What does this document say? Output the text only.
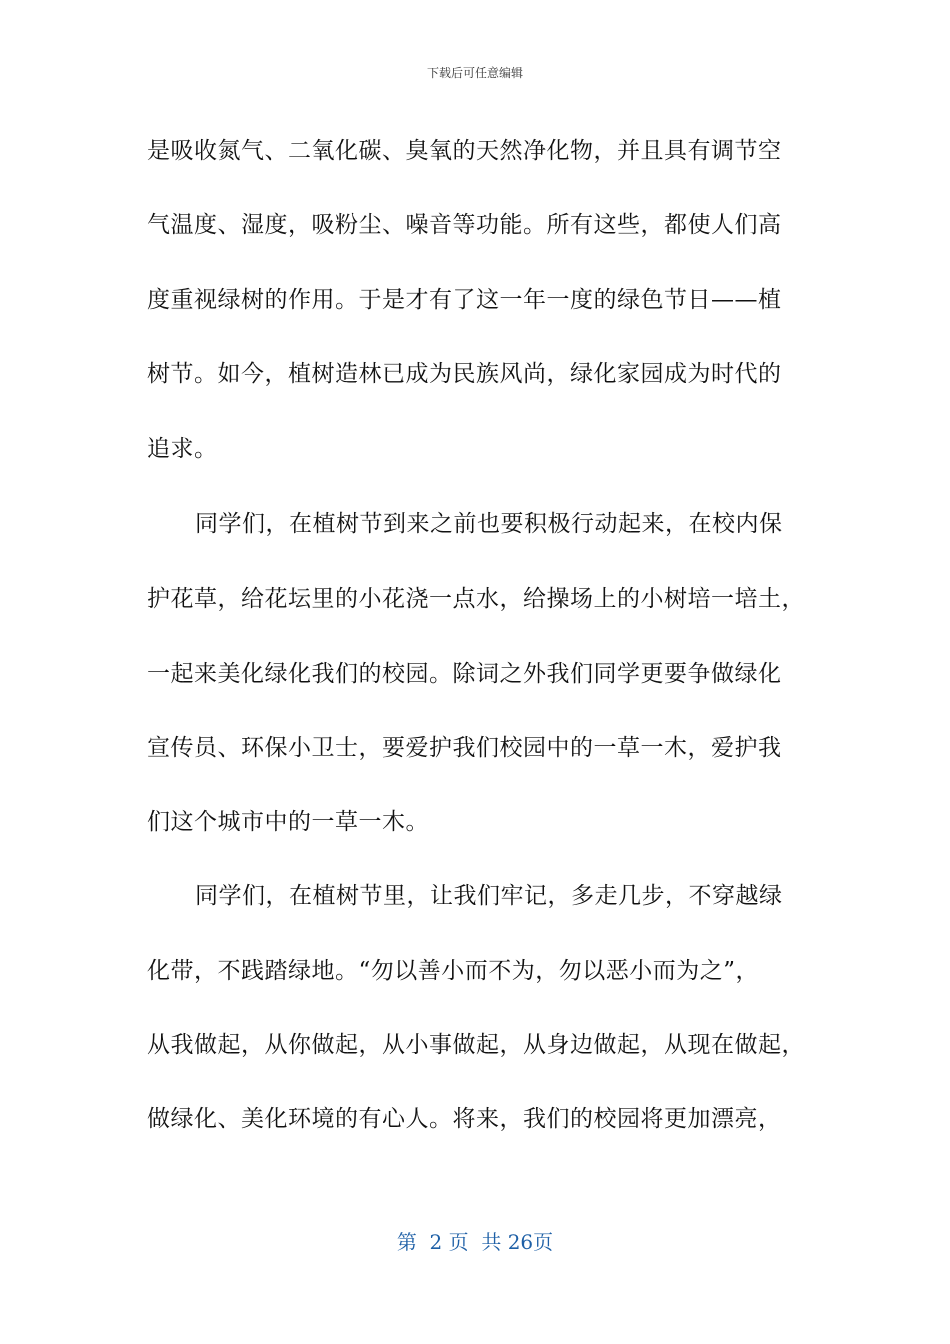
下载后可任意编辑
是吸收氮气、二氧化碳、臭氧的天然净化物，并且具有调节空
气温度、湿度，吸粉尘、噪音等功能。所有这些，都使人们高
度重视绿树的作用。于是才有了这一年一度的绿色节日——植
树节。如今，植树造林已成为民族风尚，绿化家园成为时代的
追求。
同学们，在植树节到来之前也要积极行动起来，在校内保
护花草，给花坛里的小花浇一点水，给操场上的小树培一培土，
一起来美化绿化我们的校园。除词之外我们同学更要争做绿化
宣传员、环保小卫士，要爱护我们校园中的一草一木，爱护我
们这个城市中的一草一木。
同学们，在植树节里，让我们牢记，多走几步，不穿越绿
化带，不践踏绿地。“勿以善小而不为，勿以恶小而为之”，
从我做起，从你做起，从小事做起，从身边做起，从现在做起，
做绿化、美化环境的有心人。将来，我们的校园将更加漂亮，
第  2 页  共 26页
